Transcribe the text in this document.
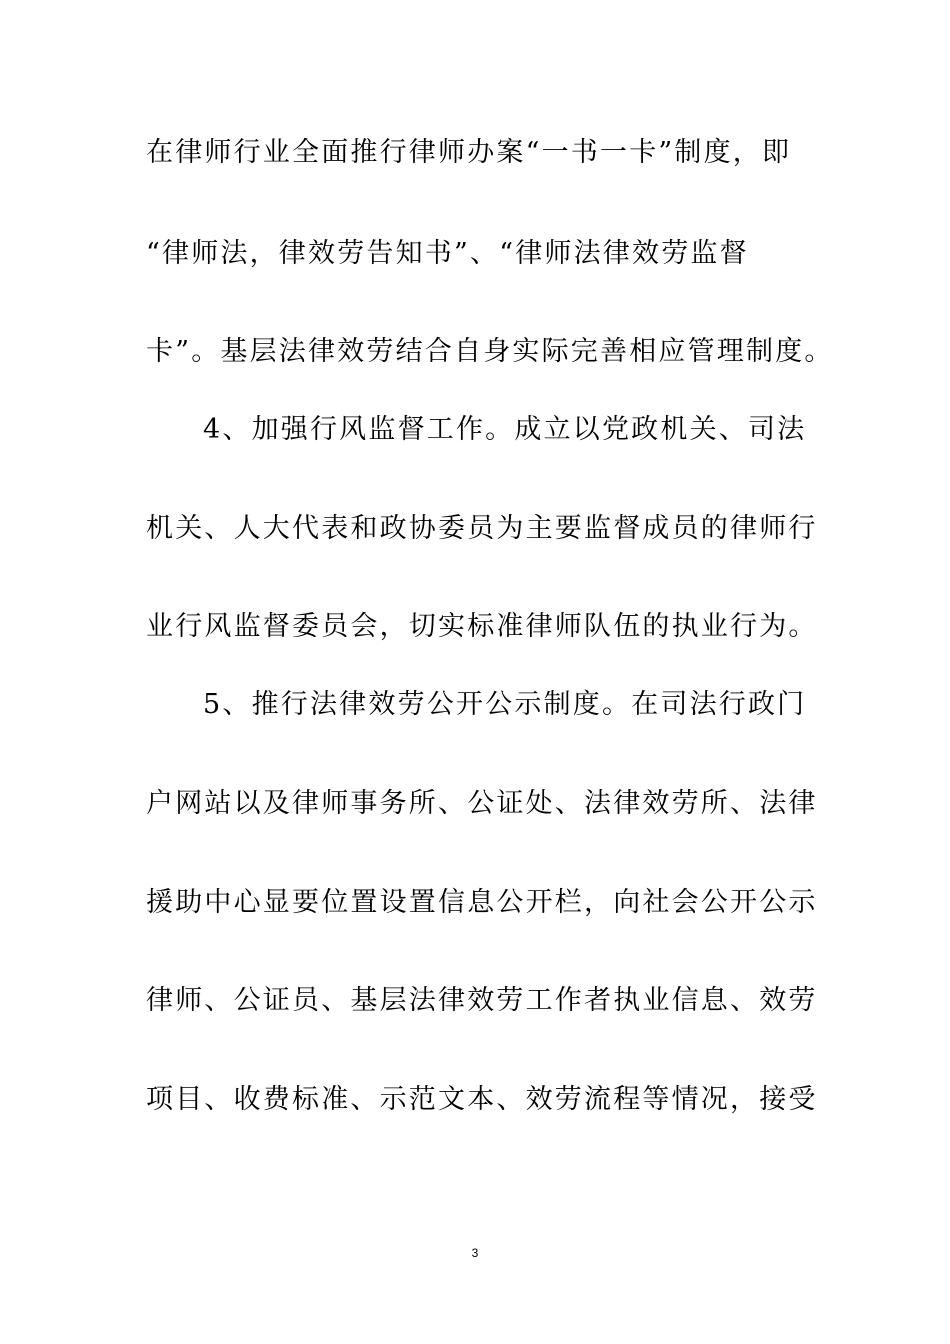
在律师行业全面推行律师办案“一书一卡”制度，即
“律师法，律效劳告知书”、“律师法律效劳监督
卡”。基层法律效劳结合自身实际完善相应管理制度。
4、加强行风监督工作。成立以党政机关、司法
机关、人大代表和政协委员为主要监督成员的律师行
业行风监督委员会，切实标准律师队伍的执业行为。
5、推行法律效劳公开公示制度。在司法行政门
户网站以及律师事务所、公证处、法律效劳所、法律
援助中心显要位置设置信息公开栏，向社会公开公示
律师、公证员、基层法律效劳工作者执业信息、效劳
项目、收费标准、示范文本、效劳流程等情况，接受
3
